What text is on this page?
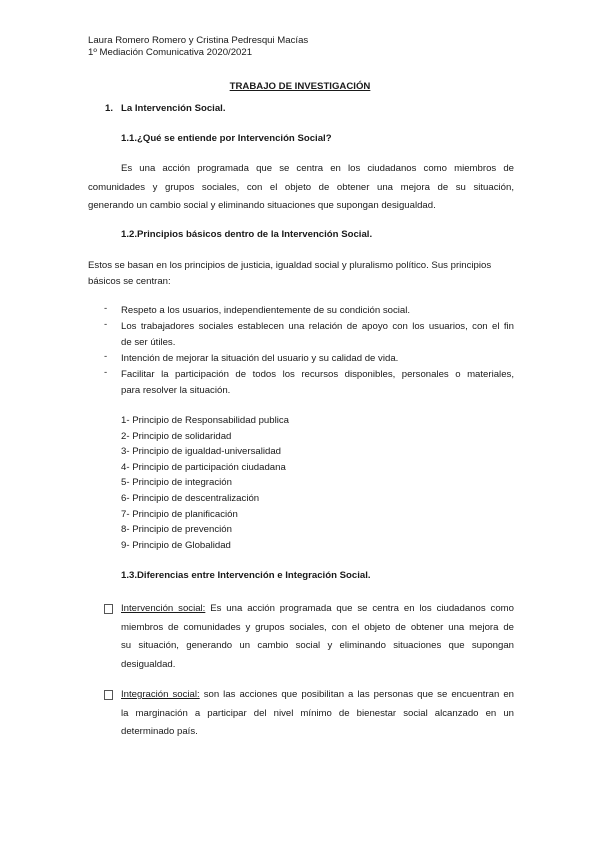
Laura Romero Romero y Cristina Pedresqui Macías
1º Mediación Comunicativa 2020/2021
TRABAJO DE INVESTIGACIÓN
1. La Intervención Social.
1.1.¿Qué se entiende por Intervención Social?
Es una acción programada que se centra en los ciudadanos como miembros de
comunidades y grupos sociales, con el objeto de obtener una mejora de su situación,
generando un cambio social y eliminando situaciones que supongan desigualdad.
1.2.Principios básicos dentro de la Intervención Social.
Estos se basan en los principios de justicia, igualdad social y pluralismo político. Sus principios
básicos se centran:
- Respeto a los usuarios, independientemente de su condición social.
- Los trabajadores sociales establecen una relación de apoyo con los usuarios, con el fin
de ser útiles.
- Intención de mejorar la situación del usuario y su calidad de vida.
- Facilitar la participación de todos los recursos disponibles, personales o materiales,
para resolver la situación.
1- Principio de Responsabilidad publica
2- Principio de solidaridad
3- Principio de igualdad-universalidad
4- Principio de participación ciudadana
5- Principio de integración
6- Principio de descentralización
7- Principio de planificación
8- Principio de prevención
9- Principio de Globalidad
1.3.Diferencias entre Intervención e Integración Social.
Intervención social: Es una acción programada que se centra en los ciudadanos como
miembros de comunidades y grupos sociales, con el objeto de obtener una mejora de
su situación, generando un cambio social y eliminando situaciones que supongan
desigualdad.
Integración social: son las acciones que posibilitan a las personas que se encuentran en
la marginación a participar del nivel mínimo de bienestar social alcanzado en un
determinado país.
